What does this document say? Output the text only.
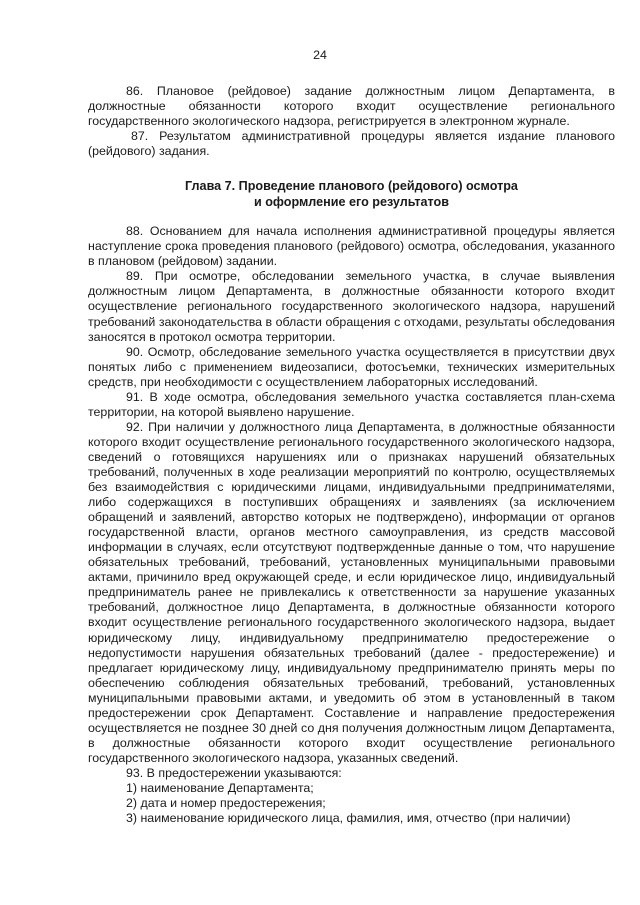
24

86. Плановое (рейдовое) задание должностным лицом Департамента, в должностные обязанности которого входит осуществление регионального государственного экологического надзора, регистрируется в электронном журнале.

87. Результатом административной процедуры является издание планового (рейдового) задания.

Глава 7. Проведение планового (рейдового) осмотра
и оформление его результатов

88. Основанием для начала исполнения административной процедуры является наступление срока проведения планового (рейдового) осмотра, обследования, указанного в плановом (рейдовом) задании.

89. При осмотре, обследовании земельного участка, в случае выявления должностным лицом Департамента, в должностные обязанности которого входит осуществление регионального государственного экологического надзора, нарушений требований законодательства в области обращения с отходами, результаты обследования заносятся в протокол осмотра территории.

90. Осмотр, обследование земельного участка осуществляется в присутствии двух понятых либо с применением видеозаписи, фотосъемки, технических измерительных средств, при необходимости с осуществлением лабораторных исследований.

91. В ходе осмотра, обследования земельного участка составляется план-схема территории, на которой выявлено нарушение.

92. При наличии у должностного лица Департамента, в должностные обязанности которого входит осуществление регионального государственного экологического надзора, сведений о готовящихся нарушениях или о признаках нарушений обязательных требований, полученных в ходе реализации мероприятий по контролю, осуществляемых без взаимодействия с юридическими лицами, индивидуальными предпринимателями, либо содержащихся в поступивших обращениях и заявлениях (за исключением обращений и заявлений, авторство которых не подтверждено), информации от органов государственной власти, органов местного самоуправления, из средств массовой информации в случаях, если отсутствуют подтвержденные данные о том, что нарушение обязательных требований, требований, установленных муниципальными правовыми актами, причинило вред окружающей среде, и если юридическое лицо, индивидуальный предприниматель ранее не привлекались к ответственности за нарушение указанных требований, должностное лицо Департамента, в должностные обязанности которого входит осуществление регионального государственного экологического надзора, выдает юридическому лицу, индивидуальному предпринимателю предостережение о недопустимости нарушения обязательных требований (далее - предостережение) и предлагает юридическому лицу, индивидуальному предпринимателю принять меры по обеспечению соблюдения обязательных требований, требований, установленных муниципальными правовыми актами, и уведомить об этом в установленный в таком предостережении срок Департамент. Составление и направление предостережения осуществляется не позднее 30 дней со дня получения должностным лицом Департамента, в должностные обязанности которого входит осуществление регионального государственного экологического надзора, указанных сведений.

93. В предостережении указываются:

1) наименование Департамента;

2) дата и номер предостережения;

3) наименование юридического лица, фамилия, имя, отчество (при наличии)
